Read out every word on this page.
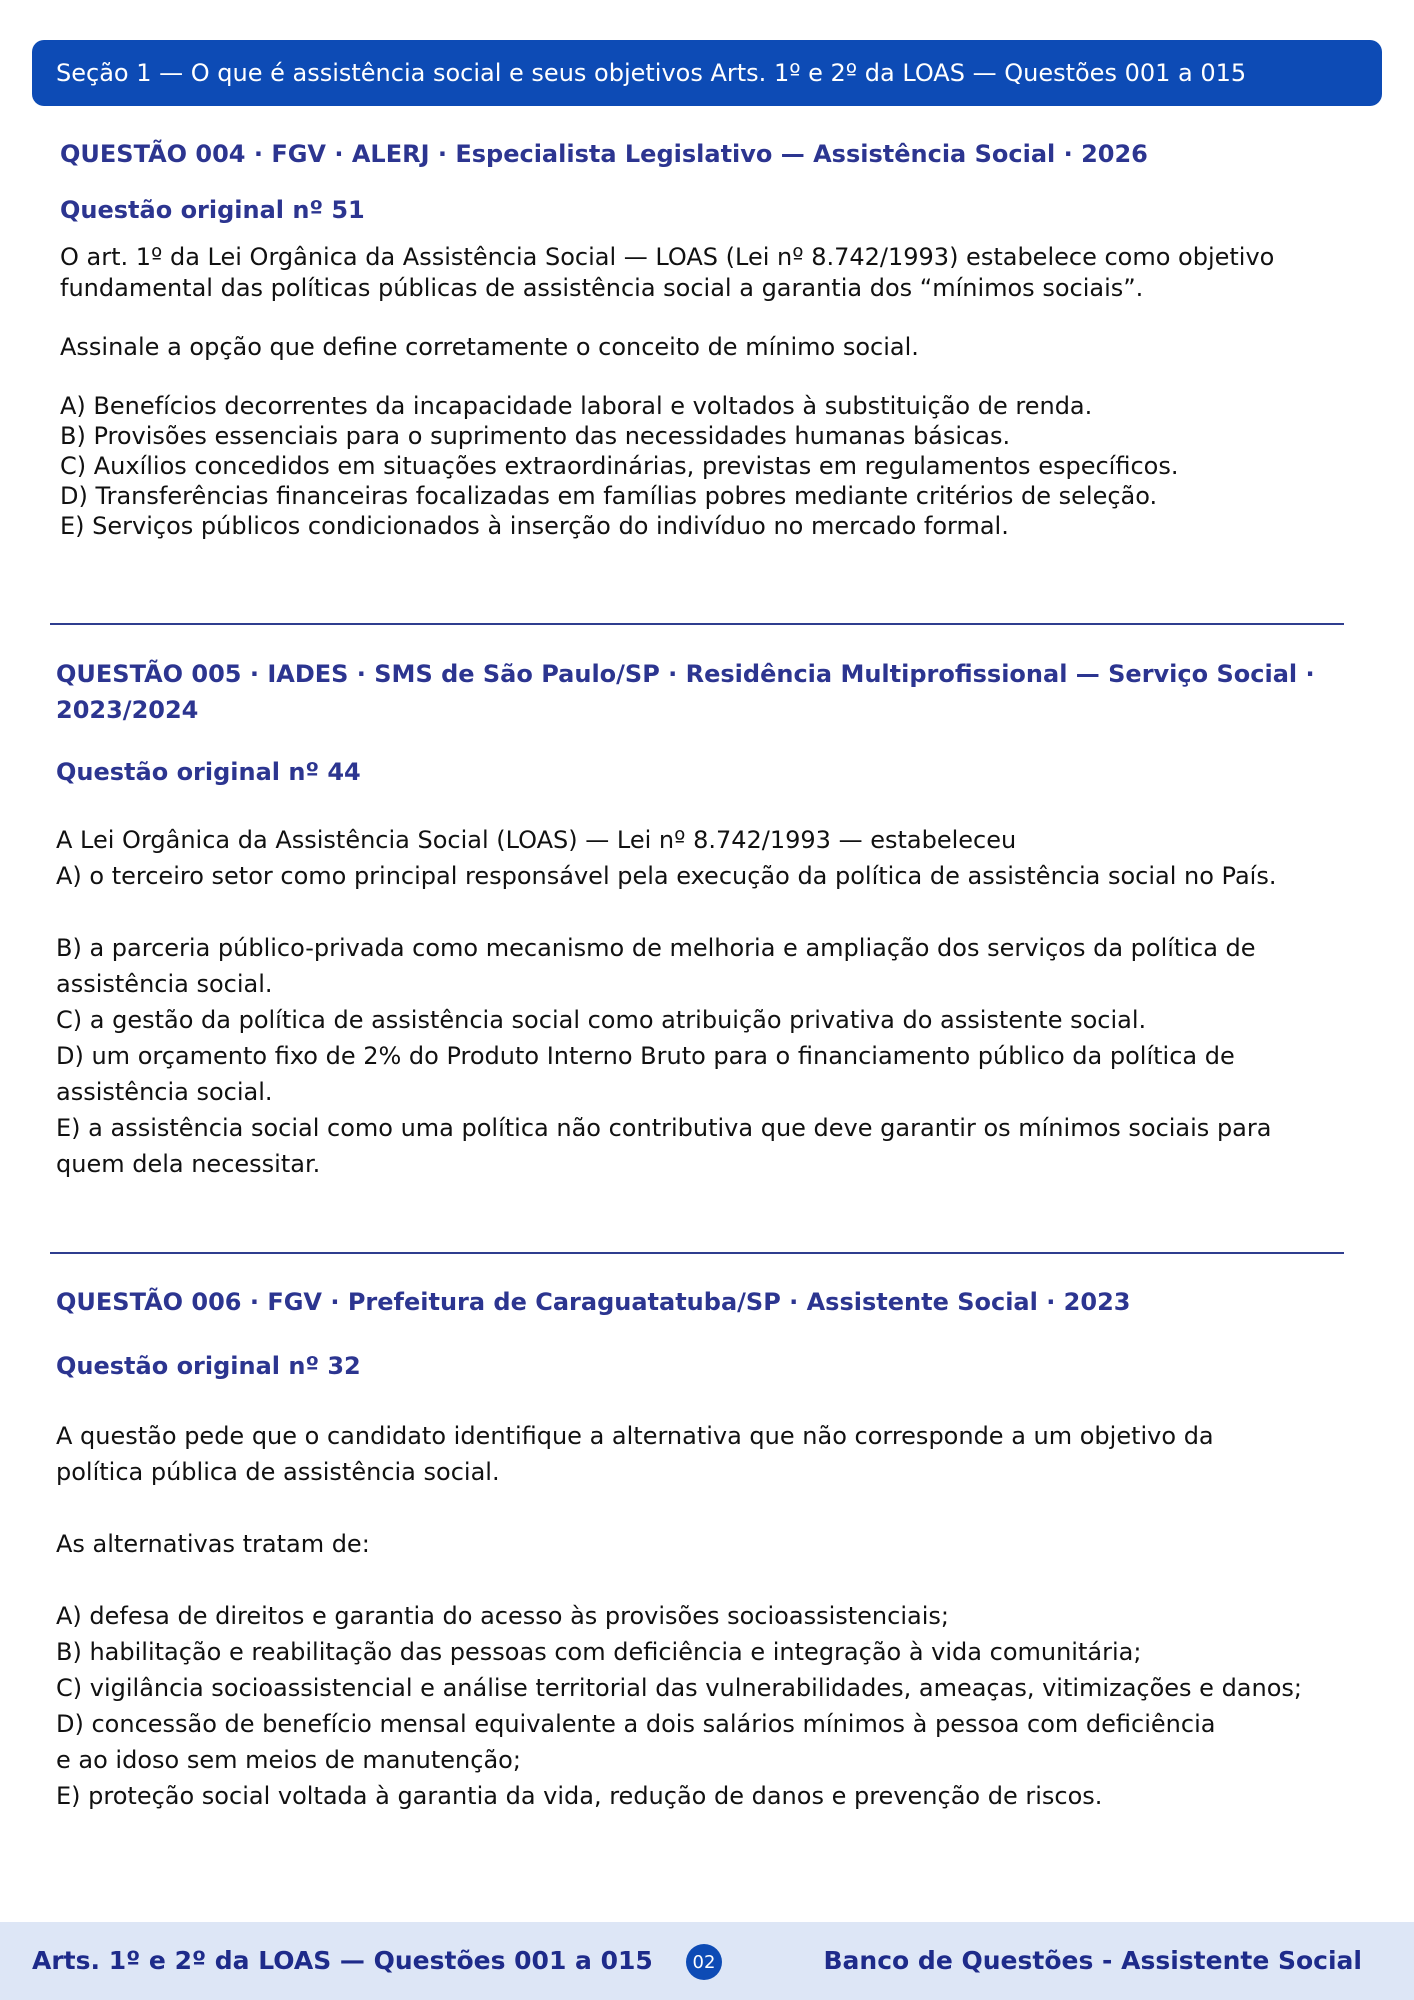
Seção 1 — O que é assistência social e seus objetivos Arts. 1º e 2º da LOAS — Questões 001 a 015
QUESTÃO 004 · FGV · ALERJ · Especialista Legislativo — Assistência Social · 2026
Questão original nº 51
O art. 1º da Lei Orgânica da Assistência Social — LOAS (Lei nº 8.742/1993) estabelece como objetivo fundamental das políticas públicas de assistência social a garantia dos “mínimos sociais”.
Assinale a opção que define corretamente o conceito de mínimo social.
A) Benefícios decorrentes da incapacidade laboral e voltados à substituição de renda.
B) Provisões essenciais para o suprimento das necessidades humanas básicas.
C) Auxílios concedidos em situações extraordinárias, previstas em regulamentos específicos.
D) Transferências financeiras focalizadas em famílias pobres mediante critérios de seleção.
E) Serviços públicos condicionados à inserção do indivíduo no mercado formal.
QUESTÃO 005 · IADES · SMS de São Paulo/SP · Residência Multiprofissional — Serviço Social · 2023/2024
Questão original nº 44
A Lei Orgânica da Assistência Social (LOAS) — Lei nº 8.742/1993 — estabeleceu
A) o terceiro setor como principal responsável pela execução da política de assistência social no País.
B) a parceria público-privada como mecanismo de melhoria e ampliação dos serviços da política de assistência social.
C) a gestão da política de assistência social como atribuição privativa do assistente social.
D) um orçamento fixo de 2% do Produto Interno Bruto para o financiamento público da política de assistência social.
E) a assistência social como uma política não contributiva que deve garantir os mínimos sociais para quem dela necessitar.
QUESTÃO 006 · FGV · Prefeitura de Caraguatatuba/SP · Assistente Social · 2023
Questão original nº 32
A questão pede que o candidato identifique a alternativa que não corresponde a um objetivo da política pública de assistência social.
As alternativas tratam de:
A) defesa de direitos e garantia do acesso às provisões socioassistenciais;
B) habilitação e reabilitação das pessoas com deficiência e integração à vida comunitária;
C) vigilância socioassistencial e análise territorial das vulnerabilidades, ameaças, vitimizações e danos;
D) concessão de benefício mensal equivalente a dois salários mínimos à pessoa com deficiência e ao idoso sem meios de manutenção;
E) proteção social voltada à garantia da vida, redução de danos e prevenção de riscos.
Arts. 1º e 2º da LOAS — Questões 001 a 015	02	Banco de Questões - Assistente Social
